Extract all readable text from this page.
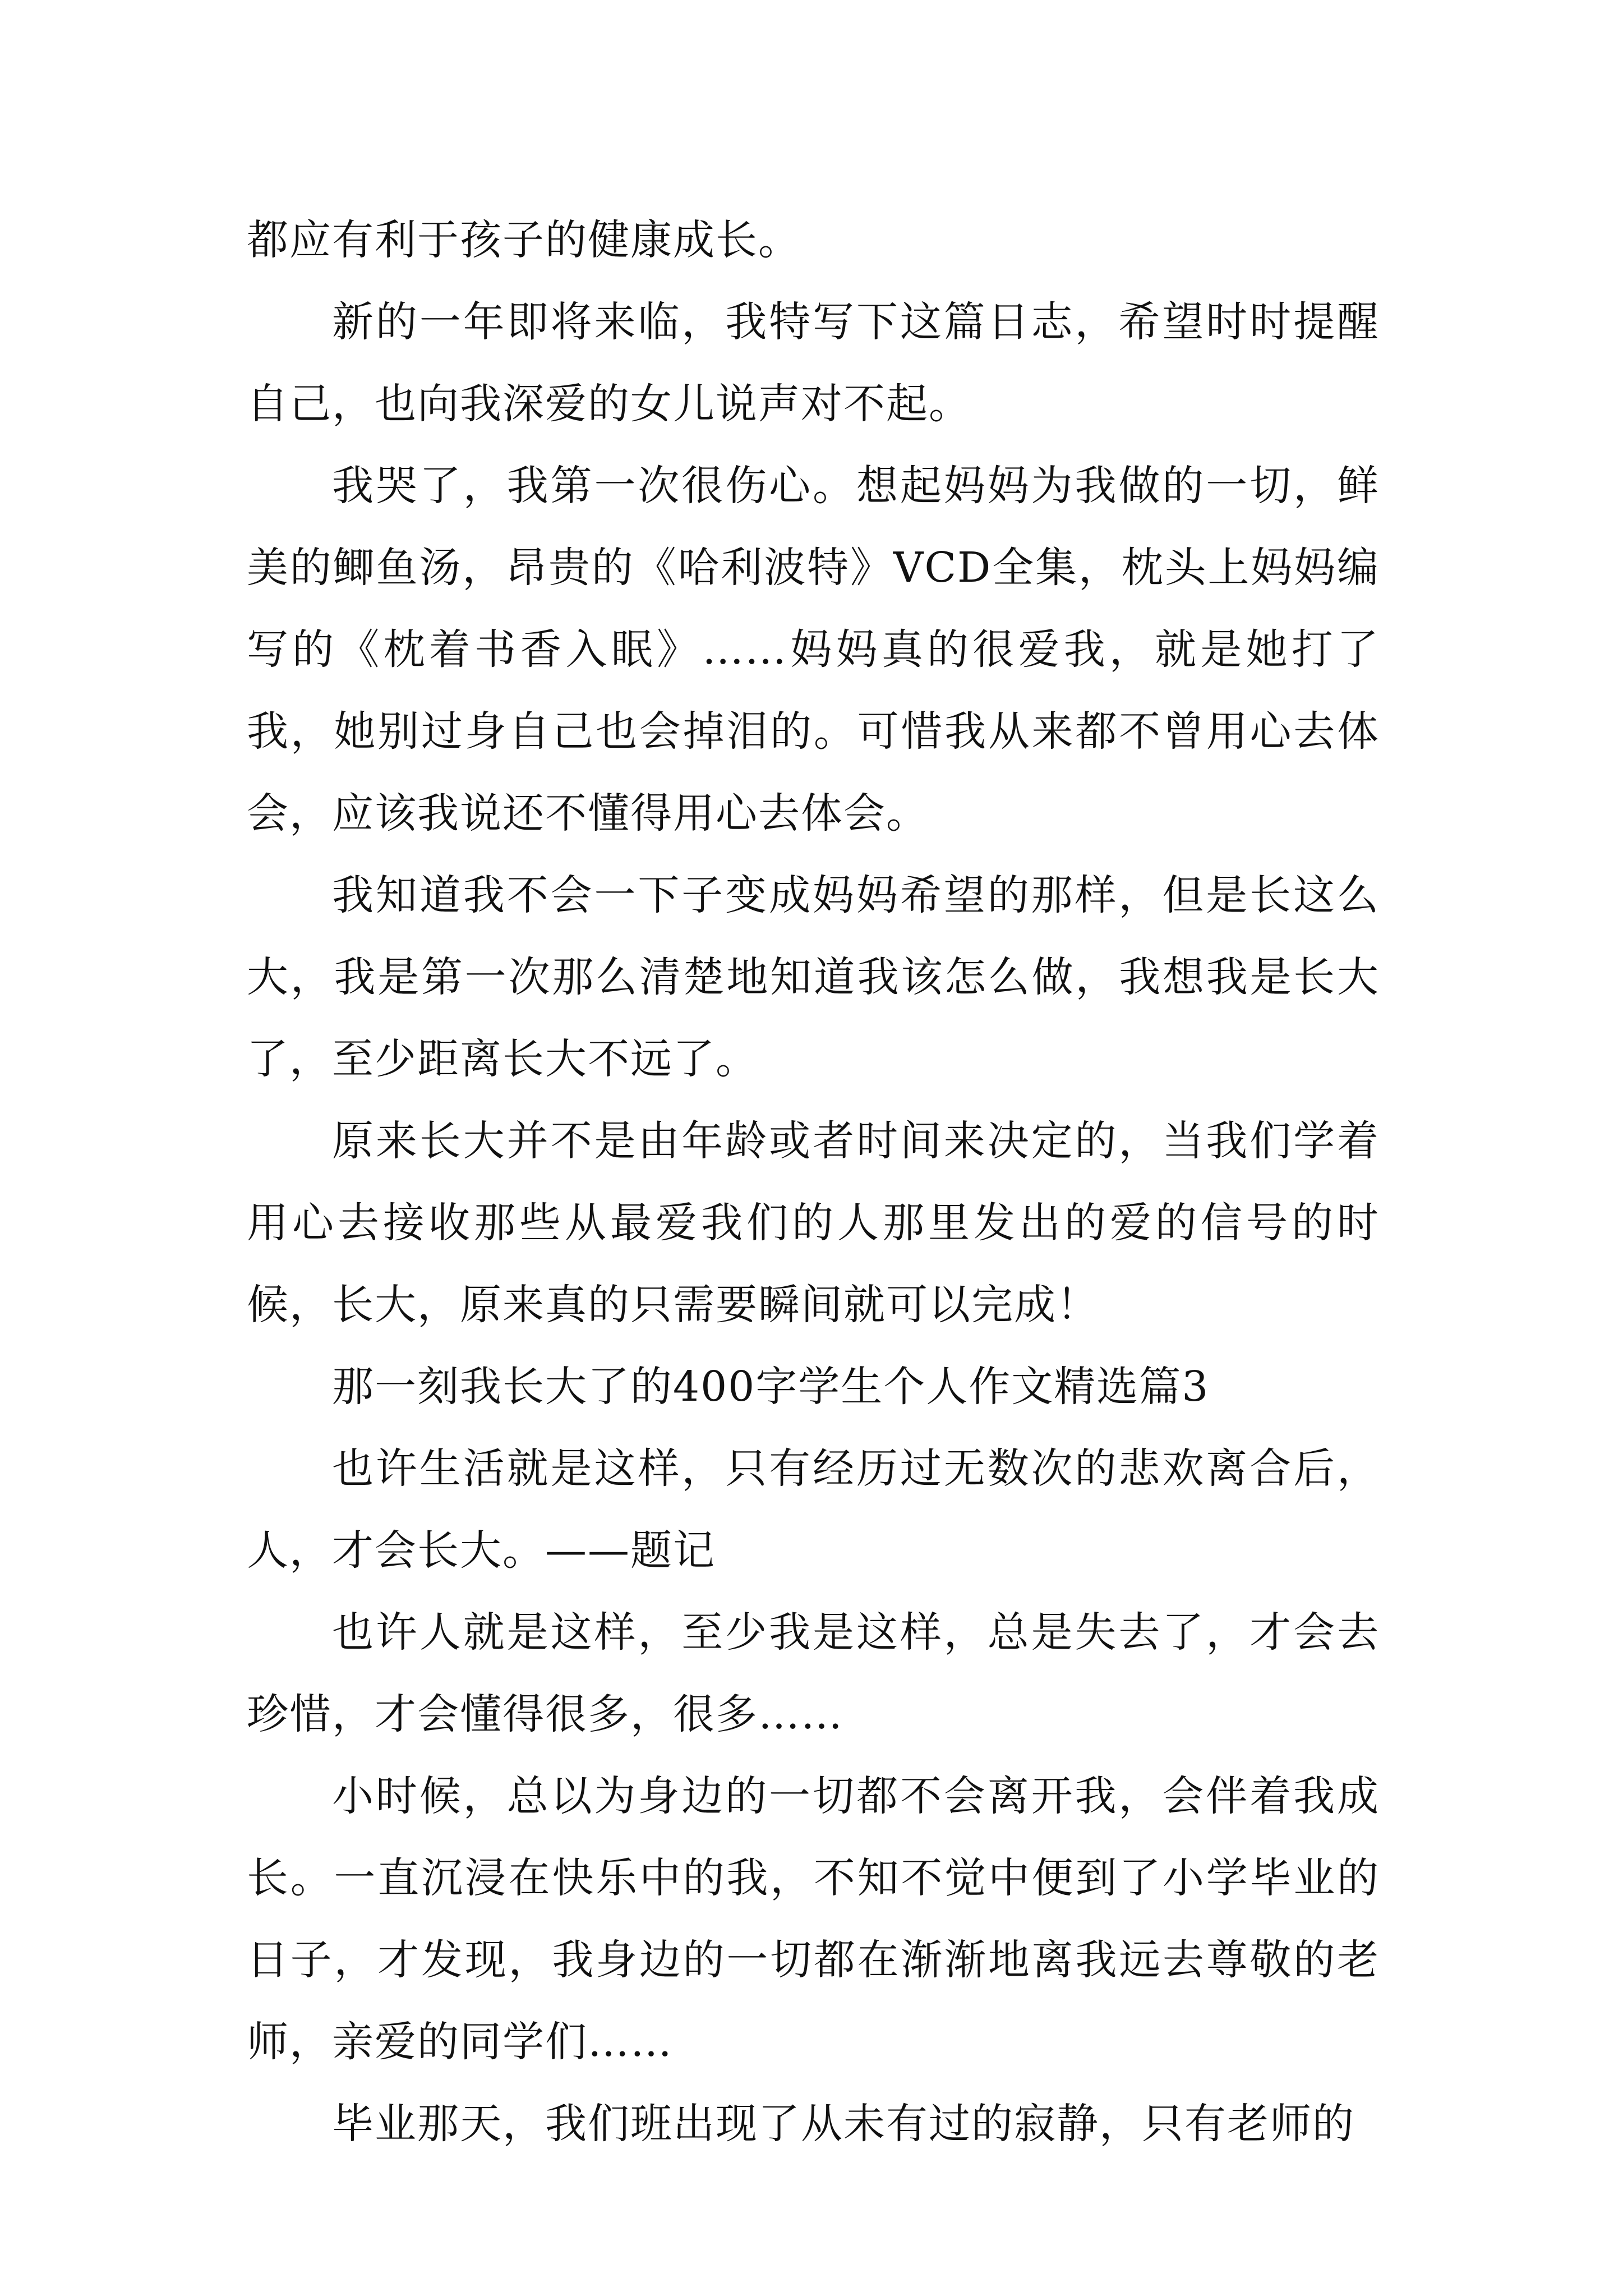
都应有利于孩子的健康成长。

新的一年即将来临，我特写下这篇日志，希望时时提醒自己，也向我深爱的女儿说声对不起。

我哭了，我第一次很伤心。想起妈妈为我做的一切，鲜美的鲫鱼汤，昂贵的《哈利波特》VCD全集，枕头上妈妈编写的《枕着书香入眠》……妈妈真的很爱我，就是她打了我，她别过身自己也会掉泪的。可惜我从来都不曾用心去体会，应该我说还不懂得用心去体会。

我知道我不会一下子变成妈妈希望的那样，但是长这么大，我是第一次那么清楚地知道我该怎么做，我想我是长大了，至少距离长大不远了。

原来长大并不是由年龄或者时间来决定的，当我们学着用心去接收那些从最爱我们的人那里发出的爱的信号的时候，长大，原来真的只需要瞬间就可以完成！

那一刻我长大了的400字学生个人作文精选篇3

也许生活就是这样，只有经历过无数次的悲欢离合后，人，才会长大。——题记

也许人就是这样，至少我是这样，总是失去了，才会去珍惜，才会懂得很多，很多……

小时候，总以为身边的一切都不会离开我，会伴着我成长。一直沉浸在快乐中的我，不知不觉中便到了小学毕业的日子，才发现，我身边的一切都在渐渐地离我远去尊敬的老师，亲爱的同学们……

毕业那天，我们班出现了从未有过的寂静，只有老师的
